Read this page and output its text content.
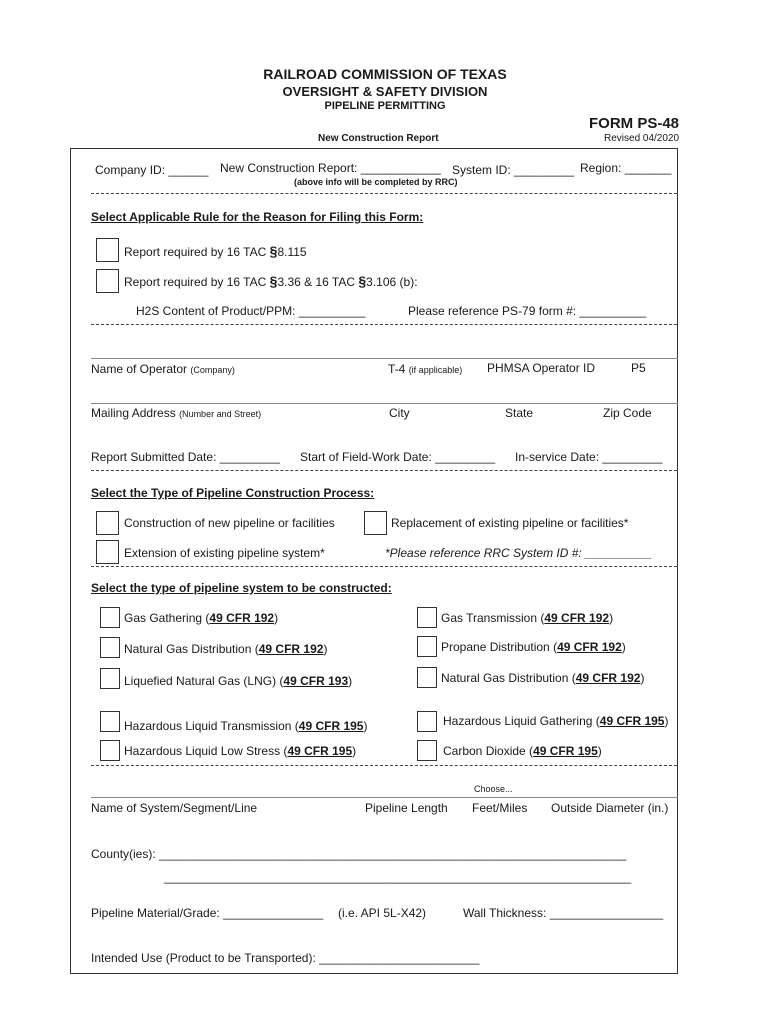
RAILROAD COMMISSION OF TEXAS
OVERSIGHT & SAFETY DIVISION
PIPELINE PERMITTING
FORM PS-48
New Construction Report	Revised 04/2020
Company ID: ______ New Construction Report: ____________ System ID: _________ Region: _______
(above info will be completed by RRC)
Select Applicable Rule for the Reason for Filing this Form:
Report required by 16 TAC §8.115
Report required by 16 TAC §3.36 & 16 TAC §3.106 (b):
H2S Content of Product/PPM: __________	Please reference PS-79 form #: __________
Name of Operator (Company)	T-4 (if applicable) PHMSA Operator ID	P5
Mailing Address (Number and Street)	City	State	Zip Code
Report Submitted Date: _________ Start of Field-Work Date: _________ In-service Date: _________
Select the Type of Pipeline Construction Process:
Construction of new pipeline or facilities	Replacement of existing pipeline or facilities*
Extension of existing pipeline system*	*Please reference RRC System ID #: __________
Select the type of pipeline system to be constructed:
Gas Gathering (49 CFR 192)	Gas Transmission (49 CFR 192)
Natural Gas Distribution (49 CFR 192)	Propane Distribution (49 CFR 192)
Liquefied Natural Gas (LNG) (49 CFR 193)	Natural Gas Distribution (49 CFR 192)
Hazardous Liquid Transmission (49 CFR 195)	Hazardous Liquid Gathering (49 CFR 195)
Hazardous Liquid Low Stress (49 CFR 195)	Carbon Dioxide (49 CFR 195)
Choose...
Name of System/Segment/Line	Pipeline Length Feet/Miles Outside Diameter (in.)
County(ies): ______________________________________________________________________
______________________________________________________________________
Pipeline Material/Grade: _______________ (i.e. API 5L-X42)	Wall Thickness: _________________
Intended Use (Product to be Transported): ________________________
